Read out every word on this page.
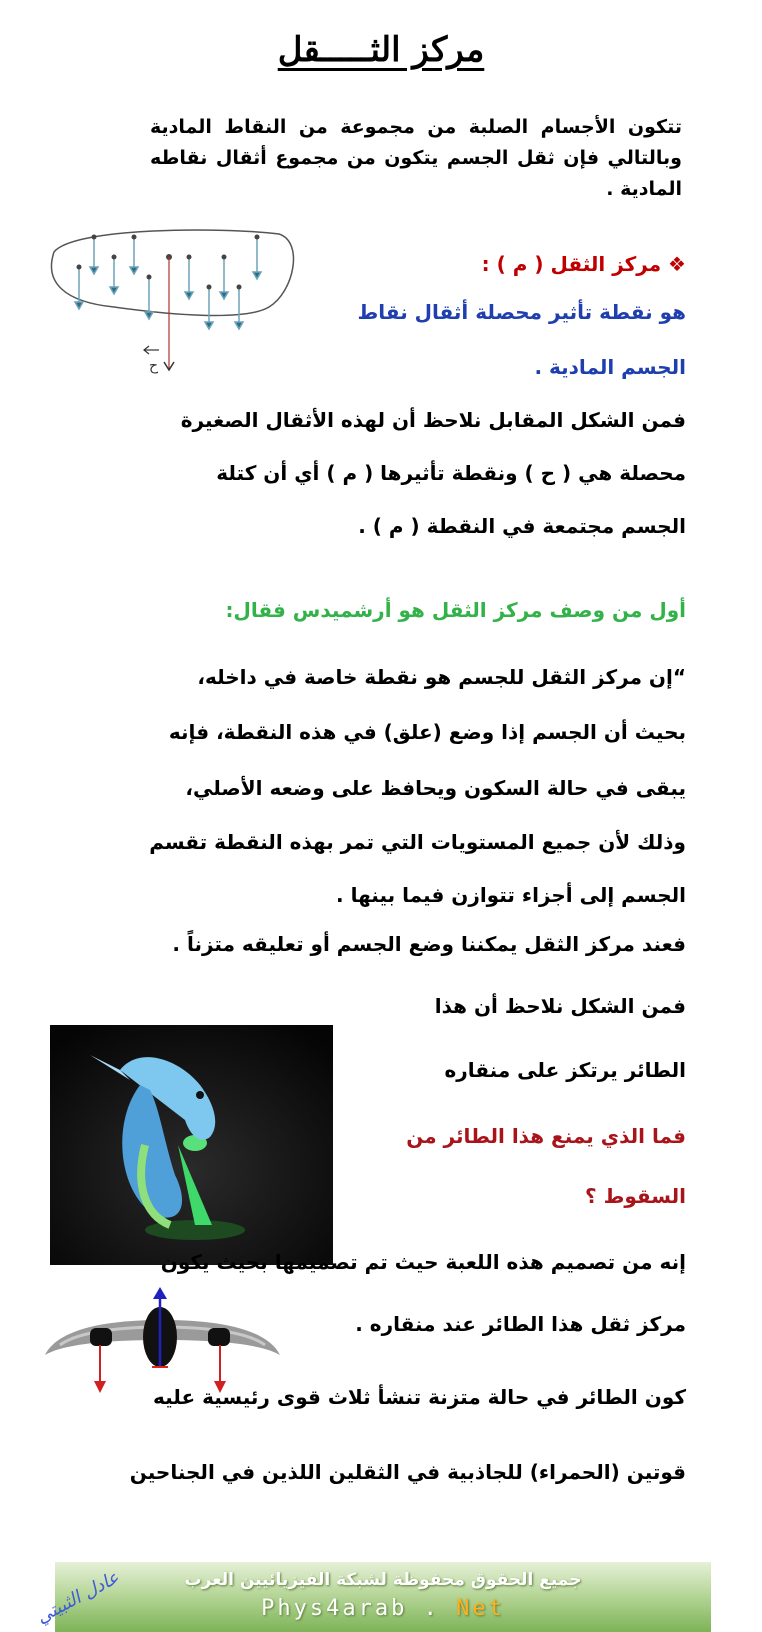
مركز الثـــــقل
تتكون الأجسام الصلبة من مجموعة من النقاط المادية وبالتالي فإن ثقل الجسم يتكون من مجموع أثقال نقاطه المادية .
ح
❖ مركز الثقل ( م ) :
هو نقطة تأثير محصلة أثقال نقاط
الجسم المادية .
فمن الشكل المقابل نلاحظ أن لهذه الأثقال الصغيرة
محصلة هي ( ح ) ونقطة تأثيرها ( م ) أي أن كتلة
الجسم مجتمعة في النقطة ( م ) .
أول من وصف مركز الثقل هو أرشميدس فقال:
“إن مركز الثقل للجسم هو نقطة خاصة في داخله،
بحيث أن الجسم إذا وضع (علق) في هذه النقطة، فإنه
يبقى في حالة السكون ويحافظ على وضعه الأصلي،
وذلك لأن جميع المستويات التي تمر بهذه النقطة تقسم
الجسم إلى أجزاء تتوازن فيما بينها .
فعند مركز الثقل يمكننا وضع الجسم أو تعليقه متزناً .
فمن الشكل نلاحظ أن هذا
الطائر يرتكز على منقاره
فما الذي يمنع هذا الطائر من
السقوط ؟
إنه من تصميم هذه اللعبة حيث تم تصميمها بحيث يكون
مركز ثقل هذا الطائر عند منقاره .
كون الطائر في حالة متزنة تنشأ ثلاث قوى رئيسية عليه
قوتين (الحمراء) للجاذبية في الثقلين اللذين في الجناحين
جميع الحقوق محفوظة لشبكة الفيزيائيين العرب
Phys4arab . Net
عادل الثبيتي
